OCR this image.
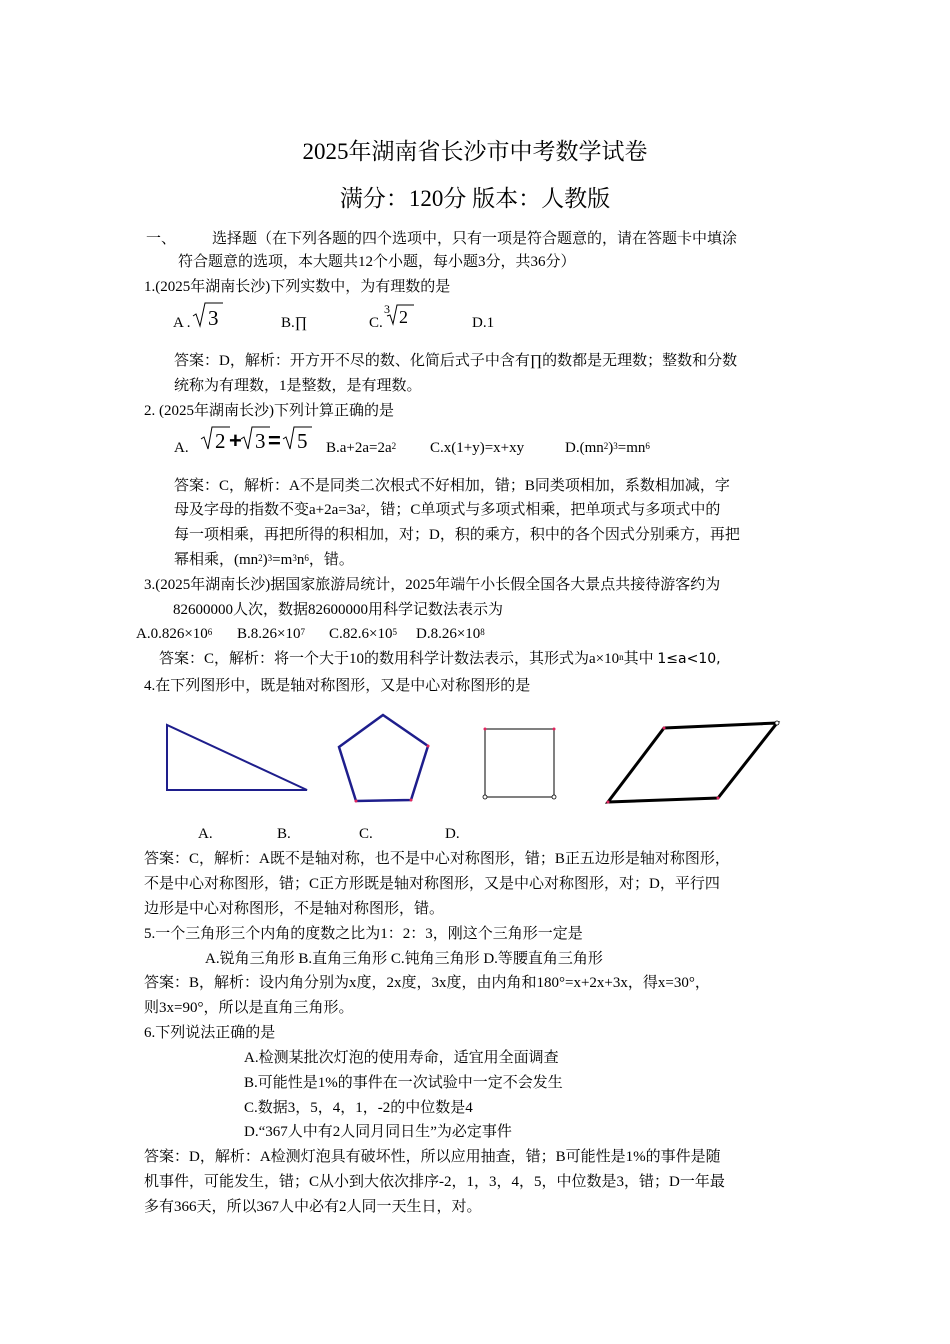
2025年湖南省长沙市中考数学试卷
满分：120分 版本：人教版
一、 选择题（在下列各题的四个选项中，只有一项是符合题意的，请在答题卡中填涂
符合题意的选项，本大题共12个小题，每小题3分，共36分）
1.(2025年湖南长沙)下列实数中，为有理数的是
A . 3	B.∏	C.
3 2	D.1
答案：D，解析：开方开不尽的数、化简后式子中含有∏的数都是无理数；整数和分数
统称为有理数，1是整数，是有理数。
2. (2025年湖南长沙)下列计算正确的是
A. 2 + 3 = 5 $B.a+2a=2a^2$ C.x(1+y)=x+xy	$D.(mn^2)^3=mn^6$
答案：C，解析：A不是同类二次根式不好相加，错；B同类项相加，系数相加减，字
母及字母的指数不变$a+2a=3a^2$，错；C单项式与多项式相乘，把单项式与多项式中的
每一项相乘，再把所得的积相加，对；D，积的乘方，积中的各个因式分别乘方，再把
幂相乘，$(mn^2)^3=m^3n^6$，错。
3.(2025年湖南长沙)据国家旅游局统计，2025年端午小长假全国各大景点共接待游客约为
82600000人次，数据82600000用科学记数法表示为
$A.0.826\times 10^6$ $B.8.26\times 10^7$ $C.82.6\times 10^5$ $D.8.26\times 10^8$
答案：C，解析：将一个大于10的数用科学计数法表示，其形式为$a\times 10^n$其中 1≤a<10,
4.在下列图形中，既是轴对称图形，又是中心对称图形的是
A.	B.	C.	D.
答案：C，解析：A既不是轴对称，也不是中心对称图形，错；B正五边形是轴对称图形，
不是中心对称图形，错；C正方形既是轴对称图形，又是中心对称图形，对；D，平行四
边形是中心对称图形，不是轴对称图形，错。
5.一个三角形三个内角的度数之比为1：2：3，刚这个三角形一定是
A.锐角三角形 B.直角三角形 C.钝角三角形 D.等腰直角三角形
答案：B，解析：设内角分别为x度，2x度，3x度，由内角和180°=x+2x+3x，得x=30°，
则3x=90°，所以是直角三角形。
6.下列说法正确的是
A.检测某批次灯泡的使用寿命，适宜用全面调查
B.可能性是1%的事件在一次试验中一定不会发生
C.数据3，5，4，1，-2的中位数是4
D.“367人中有2人同月同日生”为必定事件
答案：D，解析：A检测灯泡具有破坏性，所以应用抽查，错；B可能性是1%的事件是随
机事件，可能发生，错；C从小到大依次排序-2，1，3，4，5，中位数是3，错；D一年最
多有366天，所以367人中必有2人同一天生日，对。
